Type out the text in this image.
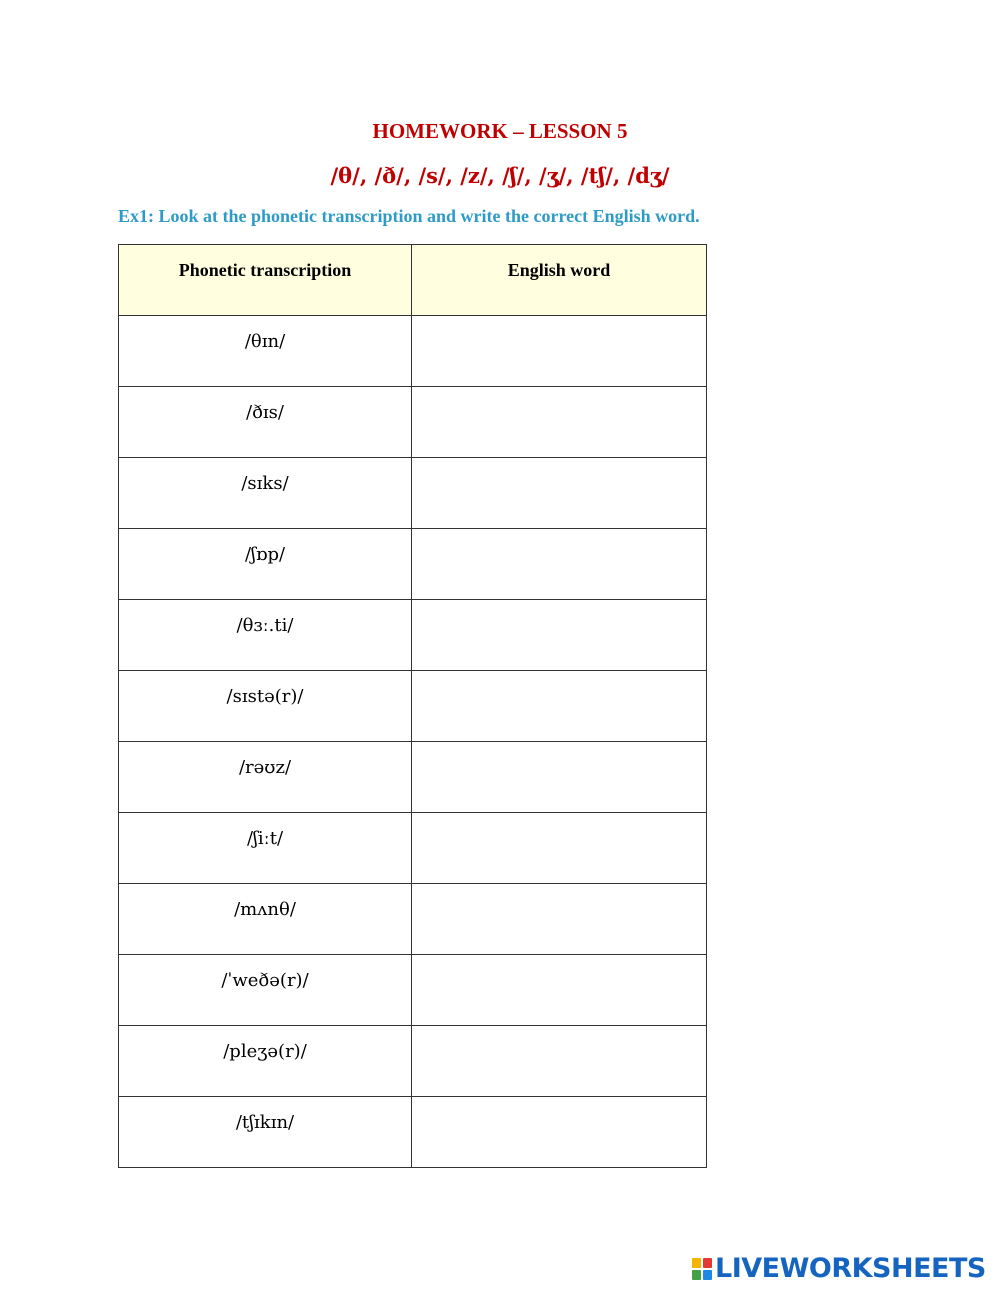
HOMEWORK – LESSON 5
/θ/, /ð/, /s/, /z/, /ʃ/, /ʒ/, /tʃ/, /dʒ/
Ex1: Look at the phonetic transcription and write the correct English word.
Phonetic transcription	English word
/θɪn/	
/ðɪs/	
/sɪks/	
/ʃɒp/	
/θɜː.ti/	
/sɪstə(r)/	
/rəʊz/	
/ʃiːt/	
/mʌnθ/	
/ˈweðə(r)/	
/pleʒə(r)/	
/tʃɪkɪn/	
LIVEWORKSHEETS
